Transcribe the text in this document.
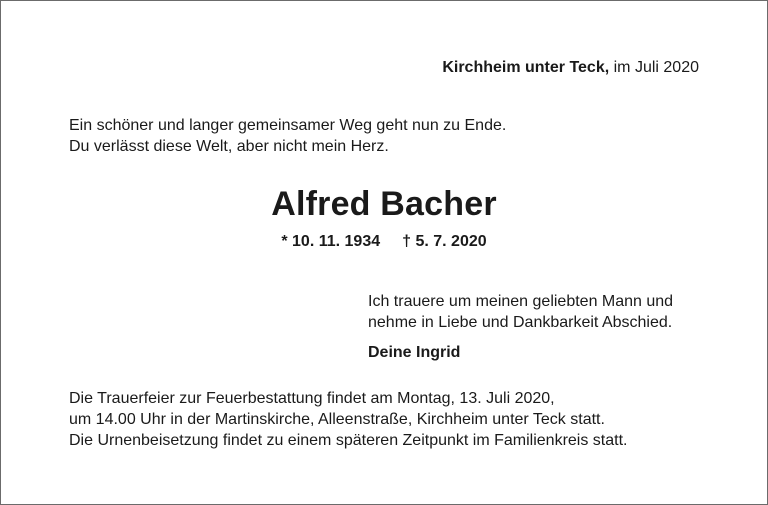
Kirchheim unter Teck, im Juli 2020
Ein schöner und langer gemeinsamer Weg geht nun zu Ende.
Du verlässt diese Welt, aber nicht mein Herz.
Alfred Bacher
* 10. 11. 1934 † 5. 7. 2020
Ich trauere um meinen geliebten Mann und
nehme in Liebe und Dankbarkeit Abschied.
Deine Ingrid
Die Trauerfeier zur Feuerbestattung findet am Montag, 13. Juli 2020,
um 14.00 Uhr in der Martinskirche, Alleenstraße, Kirchheim unter Teck statt.
Die Urnenbeisetzung findet zu einem späteren Zeitpunkt im Familienkreis statt.
